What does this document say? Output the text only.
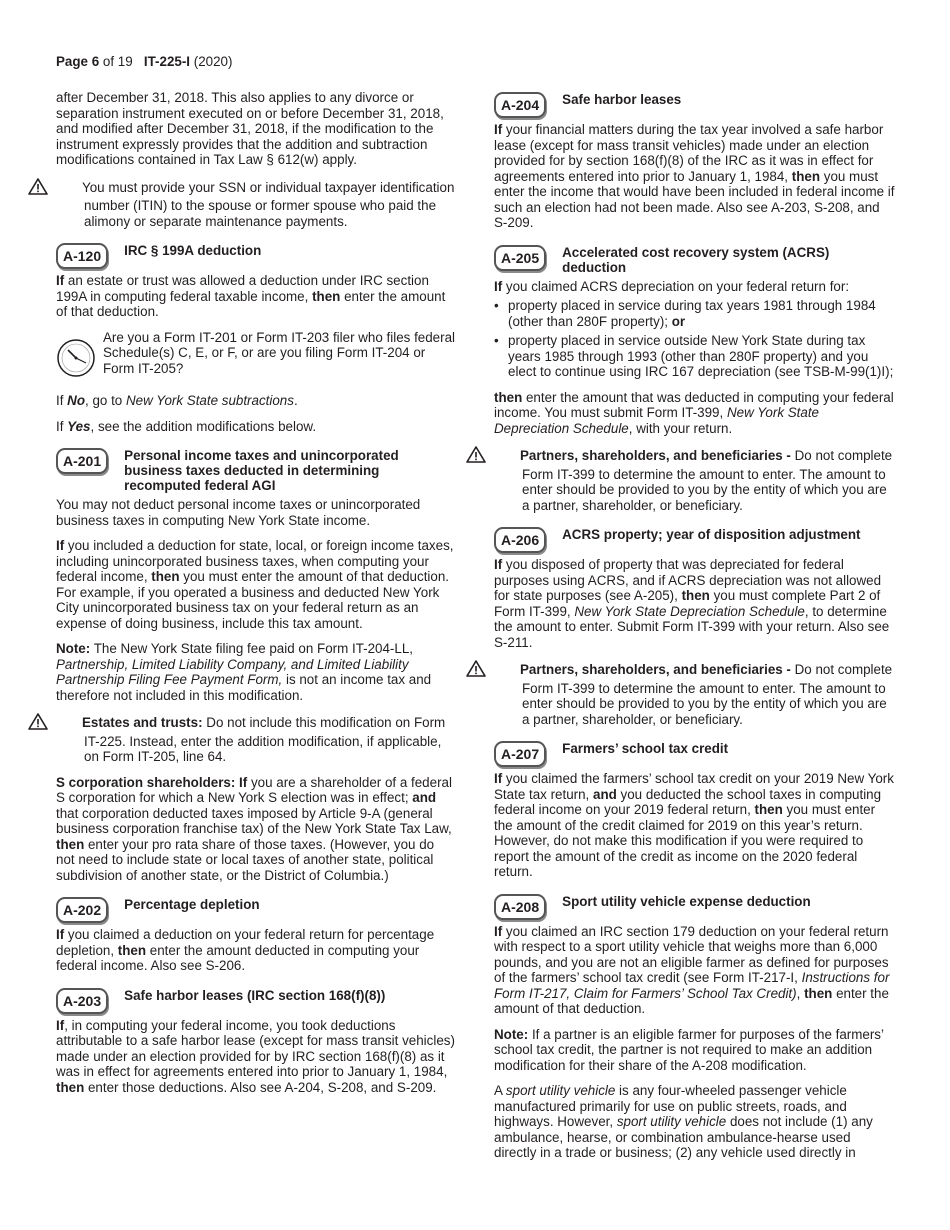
Page 6 of 19 IT-225-I (2020)

after December 31, 2018. This also applies to any divorce or separation instrument executed on or before December 31, 2018, and modified after December 31, 2018, if the modification to the instrument expressly provides that the addition and subtraction modifications contained in Tax Law § 612(w) apply.

You must provide your SSN or individual taxpayer identification number (ITIN) to the spouse or former spouse who paid the alimony or separate maintenance payments.
A-120	IRC § 199A deduction

If an estate or trust was allowed a deduction under IRC section 199A in computing federal taxable income, then enter the amount of that deduction.

Are you a Form IT-201 or Form IT-203 filer who files federal Schedule(s) C, E, or F, or are you filing Form IT-204 or Form IT-205?

If No, go to New York State subtractions.

If Yes, see the addition modifications below.

A-201	Personal income taxes and unincorporated business taxes deducted in determining recomputed federal AGI

You may not deduct personal income taxes or unincorporated business taxes in computing New York State income.

If you included a deduction for state, local, or foreign income taxes, including unincorporated business taxes, when computing your federal income, then you must enter the amount of that deduction. For example, if you operated a business and deducted New York City unincorporated business tax on your federal return as an expense of doing business, include this tax amount.

Note: The New York State filing fee paid on Form IT-204-LL, Partnership, Limited Liability Company, and Limited Liability Partnership Filing Fee Payment Form, is not an income tax and therefore not included in this modification.

Estates and trusts: Do not include this modification on Form IT-225. Instead, enter the addition modification, if applicable, on Form IT-205, line 64.

S corporation shareholders: If you are a shareholder of a federal S corporation for which a New York S election was in effect; and that corporation deducted taxes imposed by Article 9-A (general business corporation franchise tax) of the New York State Tax Law, then enter your pro rata share of those taxes. (However, you do not need to include state or local taxes of another state, political subdivision of another state, or the District of Columbia.)

A-202	Percentage depletion

If you claimed a deduction on your federal return for percentage depletion, then enter the amount deducted in computing your federal income. Also see S-206.

A-203	Safe harbor leases (IRC section 168(f)(8))

If, in computing your federal income, you took deductions attributable to a safe harbor lease (except for mass transit vehicles) made under an election provided for by IRC section 168(f)(8) as it was in effect for agreements entered into prior to January 1, 1984, then enter those deductions. Also see A-204, S-208, and S-209.

A-204	Safe harbor leases

If your financial matters during the tax year involved a safe harbor lease (except for mass transit vehicles) made under an election provided for by section 168(f)(8) of the IRC as it was in effect for agreements entered into prior to January 1, 1984, then you must enter the income that would have been included in federal income if such an election had not been made. Also see A-203, S-208, and S-209.

A-205	Accelerated cost recovery system (ACRS) deduction

If you claimed ACRS depreciation on your federal return for:

• property placed in service during tax years 1981 through 1984 (other than 280F property); or
• property placed in service outside New York State during tax years 1985 through 1993 (other than 280F property) and you elect to continue using IRC 167 depreciation (see TSB-M-99(1)I);

then enter the amount that was deducted in computing your federal income. You must submit Form IT-399, New York State Depreciation Schedule, with your return.

Partners, shareholders, and beneficiaries - Do not complete Form IT-399 to determine the amount to enter. The amount to enter should be provided to you by the entity of which you are a partner, shareholder, or beneficiary.
A-206	ACRS property; year of disposition adjustment

If you disposed of property that was depreciated for federal purposes using ACRS, and if ACRS depreciation was not allowed for state purposes (see A-205), then you must complete Part 2 of Form IT-399, New York State Depreciation Schedule, to determine the amount to enter. Submit Form IT-399 with your return. Also see S-211.

Partners, shareholders, and beneficiaries - Do not complete Form IT-399 to determine the amount to enter. The amount to enter should be provided to you by the entity of which you are a partner, shareholder, or beneficiary.
A-207	Farmers’ school tax credit

If you claimed the farmers’ school tax credit on your 2019 New York State tax return, and you deducted the school taxes in computing federal income on your 2019 federal return, then you must enter the amount of the credit claimed for 2019 on this year’s return. However, do not make this modification if you were required to report the amount of the credit as income on the 2020 federal return.

A-208	Sport utility vehicle expense deduction

If you claimed an IRC section 179 deduction on your federal return with respect to a sport utility vehicle that weighs more than 6,000 pounds, and you are not an eligible farmer as defined for purposes of the farmers’ school tax credit (see Form IT-217-I, Instructions for Form IT-217, Claim for Farmers’ School Tax Credit), then enter the amount of that deduction.

Note: If a partner is an eligible farmer for purposes of the farmers’ school tax credit, the partner is not required to make an addition modification for their share of the A-208 modification.

A sport utility vehicle is any four-wheeled passenger vehicle manufactured primarily for use on public streets, roads, and highways. However, sport utility vehicle does not include (1) any ambulance, hearse, or combination ambulance-hearse used directly in a trade or business; (2) any vehicle used directly in
